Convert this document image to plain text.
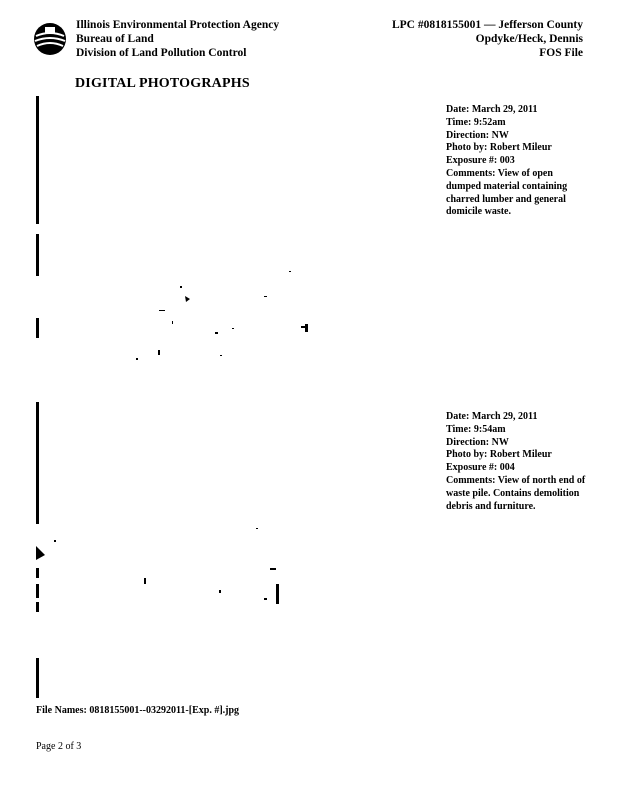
Illinois Environmental Protection Agency
Bureau of Land
Division of Land Pollution Control
LPC #0818155001 — Jefferson County
Opdyke/Heck, Dennis
FOS File
DIGITAL PHOTOGRAPHS
Date: March 29, 2011
Time: 9:52am
Direction: NW
Photo by: Robert Mileur
Exposure #: 003
Comments: View of open dumped material containing charred lumber and general domicile waste.
Date: March 29, 2011
Time: 9:54am
Direction: NW
Photo by: Robert Mileur
Exposure #: 004
Comments: View of north end of waste pile. Contains demolition debris and furniture.
File Names: 0818155001--03292011-[Exp. #].jpg
Page 2 of 3
